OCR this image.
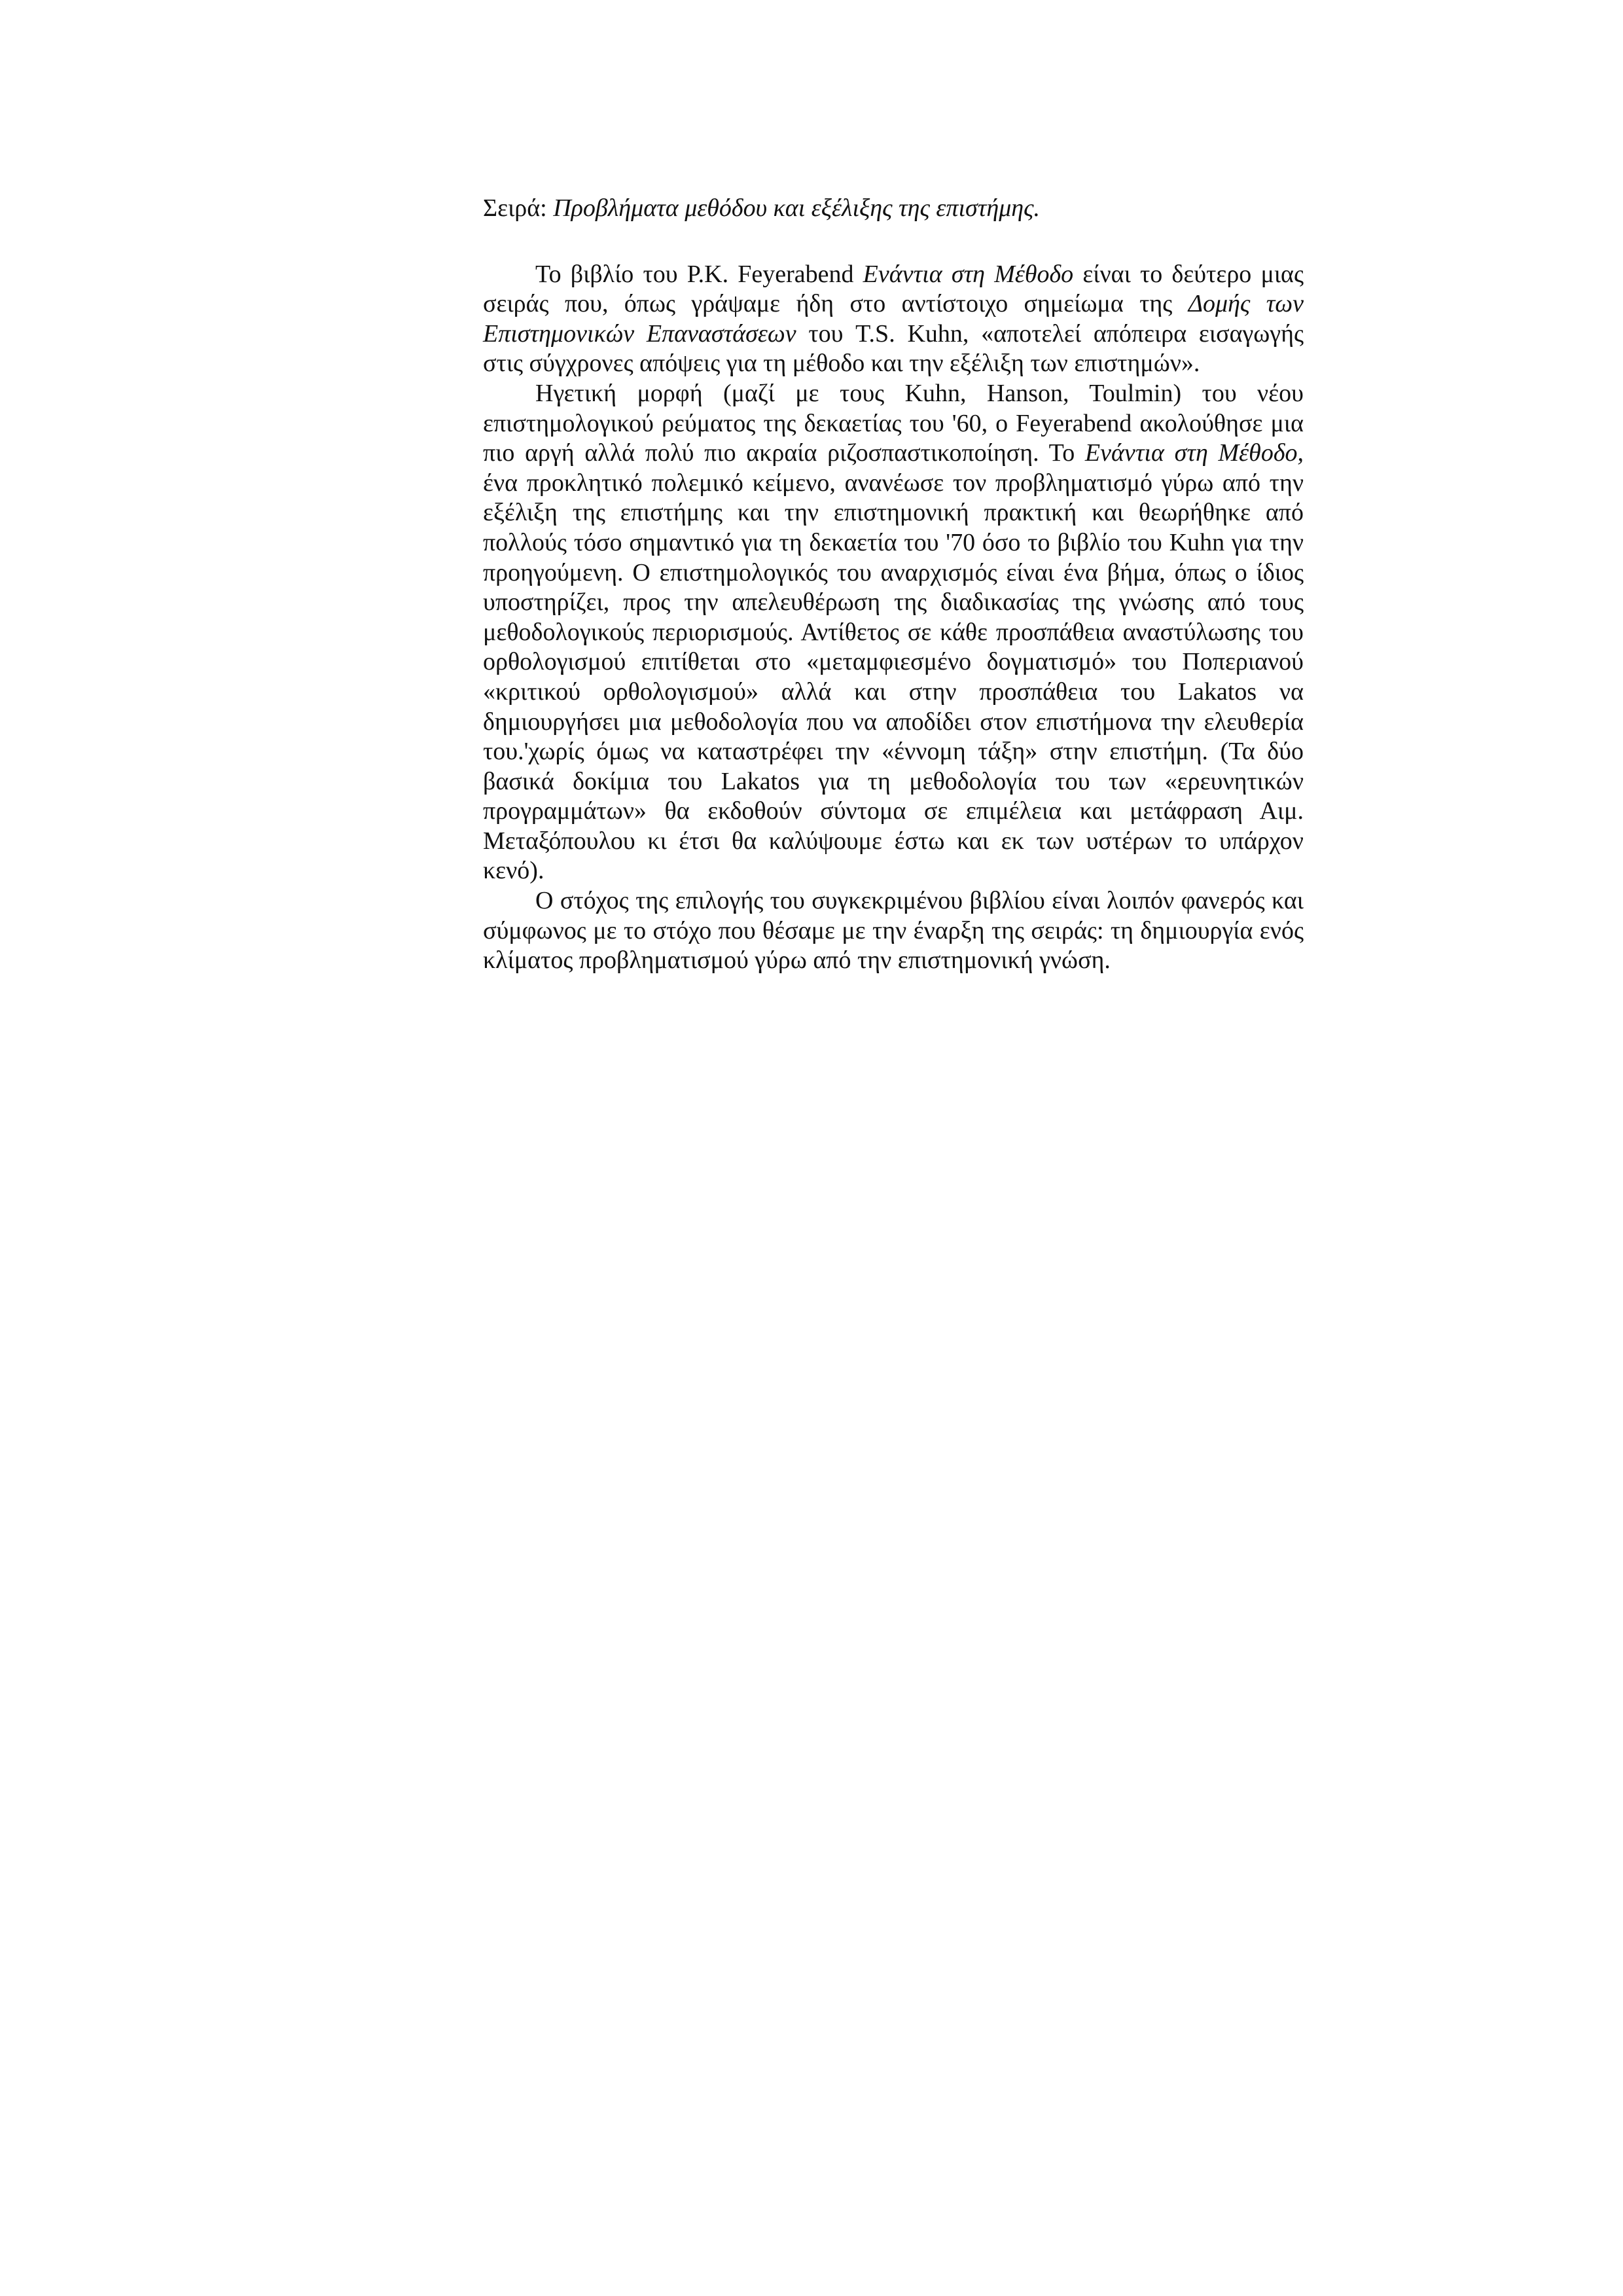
Σειρά: Προβλήματα μεθόδου και εξέλιξης της επιστήμης.

Το βιβλίο του P.K. Feyerabend Ενάντια στη Μέθοδο είναι το δεύτερο μιας σειράς που, όπως γράψαμε ήδη στο αντίστοιχο σημείωμα της Δομής των Επιστημονικών Επαναστάσεων του T.S. Kuhn, «αποτελεί απόπειρα εισαγωγής στις σύγχρονες απόψεις για τη μέθοδο και την εξέλιξη των επιστημών».

Ηγετική μορφή (μαζί με τους Kuhn, Hanson, Toulmin) του νέου επιστημολογικού ρεύματος της δεκαετίας του '60, ο Feyerabend ακολούθησε μια πιο αργή αλλά πολύ πιο ακραία ριζοσπαστικοποίηση. Το Ενάντια στη Μέθοδο, ένα προκλητικό πολεμικό κείμενο, ανανέωσε τον προβληματισμό γύρω από την εξέλιξη της επιστήμης και την επιστημονική πρακτική και θεωρήθηκε από πολλούς τόσο σημαντικό για τη δεκαετία του '70 όσο το βιβλίο του Kuhn για την προηγούμενη. Ο επιστημολογικός του αναρχισμός είναι ένα βήμα, όπως ο ίδιος υποστηρίζει, προς την απελευθέρωση της διαδικασίας της γνώσης από τους μεθοδολογικούς περιορισμούς. Αντίθετος σε κάθε προσπάθεια αναστύλωσης του ορθολογισμού επιτίθεται στο «μεταμφιεσμένο δογματισμό» του Ποπεριανού «κριτικού ορθολογισμού» αλλά και στην προσπάθεια του Lakatos να δημιουργήσει μια μεθοδολογία που να αποδίδει στον επιστήμονα την ελευθερία του.'χωρίς όμως να καταστρέφει την «έννομη τάξη» στην επιστήμη. (Τα δύο βασικά δοκίμια του Lakatos για τη μεθοδολογία του των «ερευνητικών προγραμμάτων» θα εκδοθούν σύντομα σε επιμέλεια και μετάφραση Αιμ. Μεταξόπουλου κι έτσι θα καλύψουμε έστω και εκ των υστέρων το υπάρχον κενό).

Ο στόχος της επιλογής του συγκεκριμένου βιβλίου είναι λοιπόν φανερός και σύμφωνος με το στόχο που θέσαμε με την έναρξη της σειράς: τη δημιουργία ενός κλίματος προβληματισμού γύρω από την επιστημονική γνώση.
